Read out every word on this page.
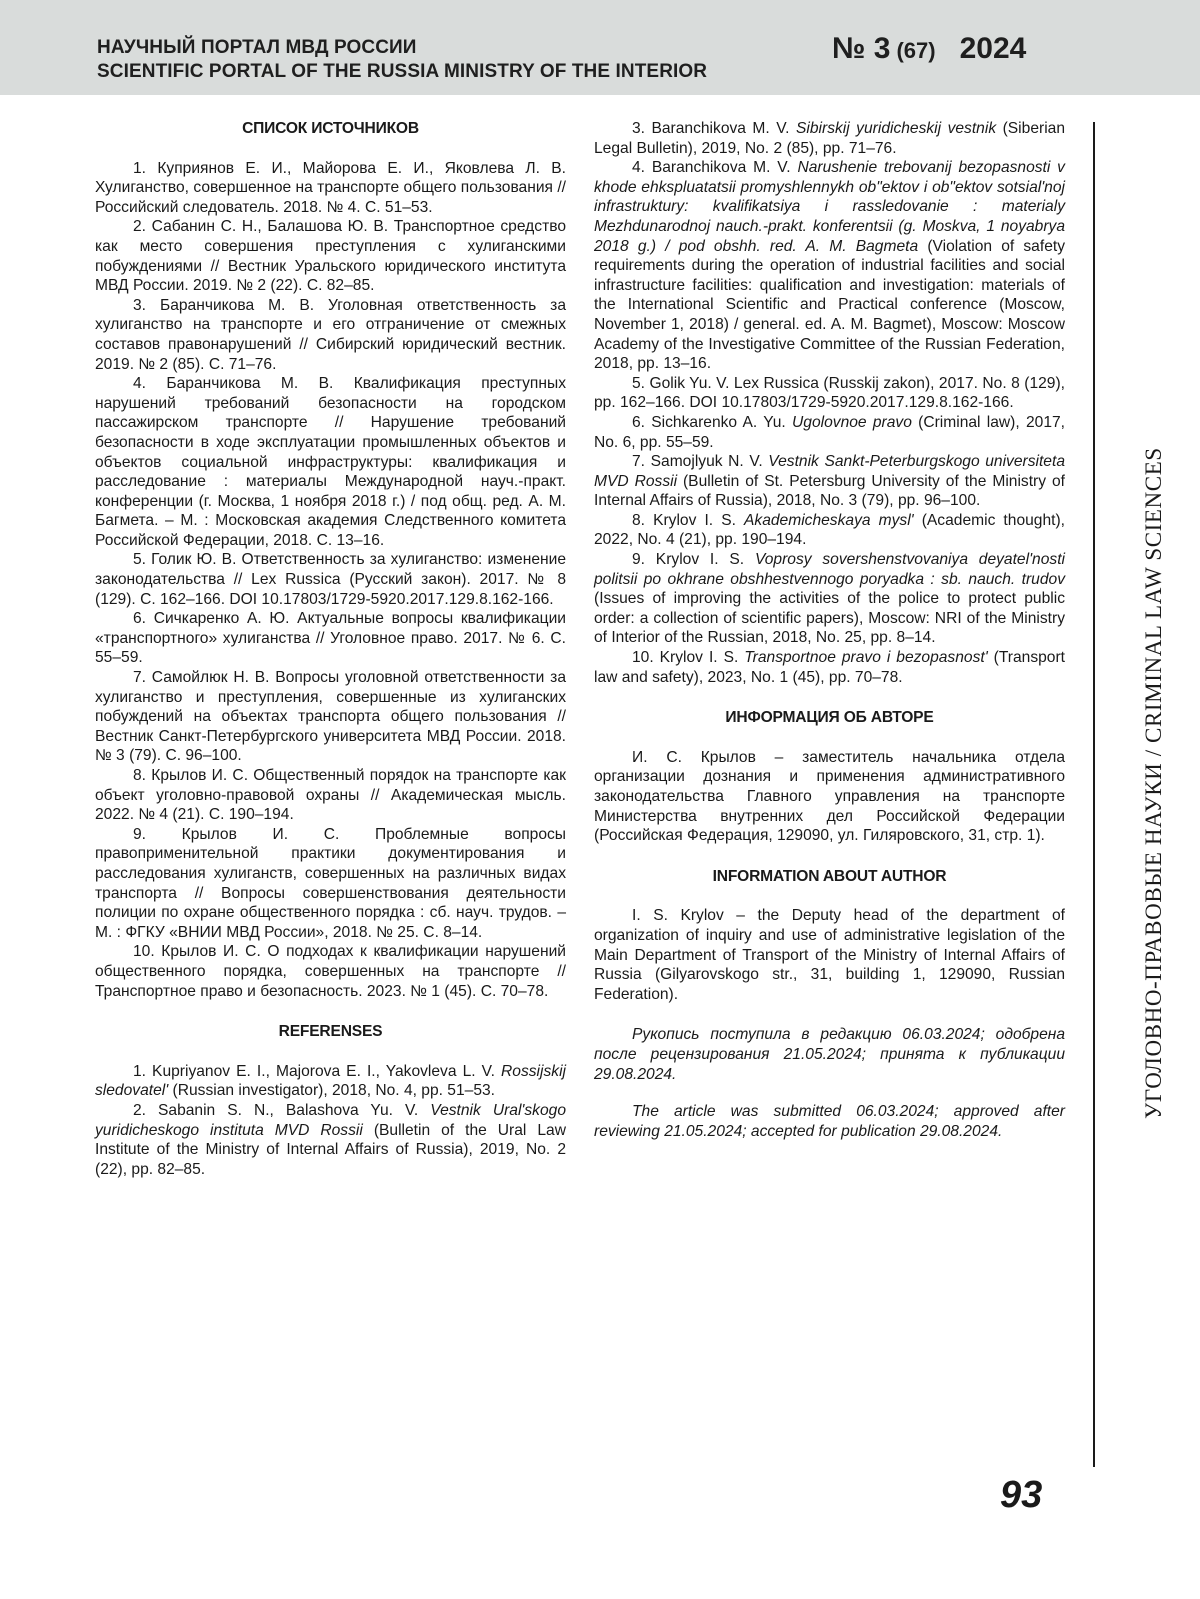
НАУЧНЫЙ ПОРТАЛ МВД РОССИИ
SCIENTIFIC PORTAL OF THE RUSSIA MINISTRY OF THE INTERIOR
№ 3 (67) 2024
СПИСОК ИСТОЧНИКОВ

1. Куприянов Е. И., Майорова Е. И., Яковлева Л. В. Хулиганство, совершенное на транспорте общего пользования // Российский следователь. 2018. № 4. С. 51–53.

2. Сабанин С. Н., Балашова Ю. В. Транспортное средство как место совершения преступления с хулиганскими побуждениями // Вестник Уральского юридического института МВД России. 2019. № 2 (22). С. 82–85.

3. Баранчикова М. В. Уголовная ответственность за хулиганство на транспорте и его отграничение от смежных составов правонарушений // Сибирский юридический вестник. 2019. № 2 (85). С. 71–76.

4. Баранчикова М. В. Квалификация преступных нарушений требований безопасности на городском пассажирском транспорте // Нарушение требований безопасности в ходе эксплуатации промышленных объектов и объектов социальной инфраструктуры: квалификация и расследование : материалы Международной науч.-практ. конференции (г. Москва, 1 ноября 2018 г.) / под общ. ред. А. М. Багмета. – М. : Московская академия Следственного комитета Российской Федерации, 2018. С. 13–16.

5. Голик Ю. В. Ответственность за хулиганство: изменение законодательства // Lex Russica (Русский закон). 2017. № 8 (129). С. 162–166. DOI 10.17803/1729-5920.2017.129.8.162-166.

6. Сичкаренко А. Ю. Актуальные вопросы квалификации «транспортного» хулиганства // Уголовное право. 2017. № 6. С. 55–59.

7. Самойлюк Н. В. Вопросы уголовной ответственности за хулиганство и преступления, совершенные из хулиганских побуждений на объектах транспорта общего пользования // Вестник Санкт-Петербургского университета МВД России. 2018. № 3 (79). С. 96–100.

8. Крылов И. С. Общественный порядок на транспорте как объект уголовно-правовой охраны // Академическая мысль. 2022. № 4 (21). С. 190–194.

9. Крылов И. С. Проблемные вопросы правоприменительной практики документирования и расследования хулиганств, совершенных на различных видах транспорта // Вопросы совершенствования деятельности полиции по охране общественного порядка : сб. науч. трудов. – М. : ФГКУ «ВНИИ МВД России», 2018. № 25. С. 8–14.

10. Крылов И. С. О подходах к квалификации нарушений общественного порядка, совершенных на транспорте // Транспортное право и безопасность. 2023. № 1 (45). С. 70–78.

REFERENSES

1. Kupriyanov E. I., Majorova E. I., Yakovleva L. V. Rossijskij sledovatel' (Russian investigator), 2018, No. 4, pp. 51–53.

2. Sabanin S. N., Balashova Yu. V. Vestnik Ural'skogo yuridicheskogo instituta MVD Rossii (Bulletin of the Ural Law Institute of the Ministry of Internal Affairs of Russia), 2019, No. 2 (22), pp. 82–85.

3. Baranchikova M. V. Sibirskij yuridicheskij vestnik (Siberian Legal Bulletin), 2019, No. 2 (85), pp. 71–76.

4. Baranchikova M. V. Narushenie trebovanij bezopasnosti v khode ehkspluatatsii promyshlennykh ob"ektov i ob"ektov sotsial'noj infrastruktury: kvalifikatsiya i rassledovanie : materialy Mezhdunarodnoj nauch.-prakt. konferentsii (g. Moskva, 1 noyabrya 2018 g.) / pod obshh. red. A. M. Bagmeta (Violation of safety requirements during the operation of industrial facilities and social infrastructure facilities: qualification and investigation: materials of the International Scientific and Practical conference (Moscow, November 1, 2018) / general. ed. A. M. Bagmet), Moscow: Moscow Academy of the Investigative Committee of the Russian Federation, 2018, pp. 13–16.

5. Golik Yu. V. Lex Russica (Russkij zakon), 2017. No. 8 (129), pp. 162–166. DOI 10.17803/1729-5920.2017.129.8.162-166.

6. Sichkarenko A. Yu. Ugolovnoe pravo (Criminal law), 2017, No. 6, pp. 55–59.

7. Samojlyuk N. V. Vestnik Sankt-Peterburgskogo universiteta MVD Rossii (Bulletin of St. Petersburg University of the Ministry of Internal Affairs of Russia), 2018, No. 3 (79), pp. 96–100.

8. Krylov I. S. Akademicheskaya mysl' (Academic thought), 2022, No. 4 (21), pp. 190–194.

9. Krylov I. S. Voprosy sovershenstvovaniya deyatel'nosti politsii po okhrane obshhestvennogo poryadka : sb. nauch. trudov (Issues of improving the activities of the police to protect public order: a collection of scientific papers), Moscow: NRI of the Ministry of Interior of the Russian, 2018, No. 25, pp. 8–14.

10. Krylov I. S. Transportnoe pravo i bezopasnost' (Transport law and safety), 2023, No. 1 (45), pp. 70–78.

ИНФОРМАЦИЯ ОБ АВТОРЕ

И. С. Крылов – заместитель начальника отдела организации дознания и применения административного законодательства Главного управления на транспорте Министерства внутренних дел Российской Федерации (Российская Федерация, 129090, ул. Гиляровского, 31, стр. 1).

INFORMATION ABOUT AUTHOR

I. S. Krylov – the Deputy head of the department of organization of inquiry and use of administrative legislation of the Main Department of Transport of the Ministry of Internal Affairs of Russia (Gilyarovskogo str., 31, building 1, 129090, Russian Federation).

Рукопись поступила в редакцию 06.03.2024; одобрена после рецензирования 21.05.2024; принята к публикации 29.08.2024.

The article was submitted 06.03.2024; approved after reviewing 21.05.2024; accepted for publication 29.08.2024.

УГОЛОВНО-ПРАВОВЫЕ НАУКИ / CRIMINAL LAW SCIENCES
93
